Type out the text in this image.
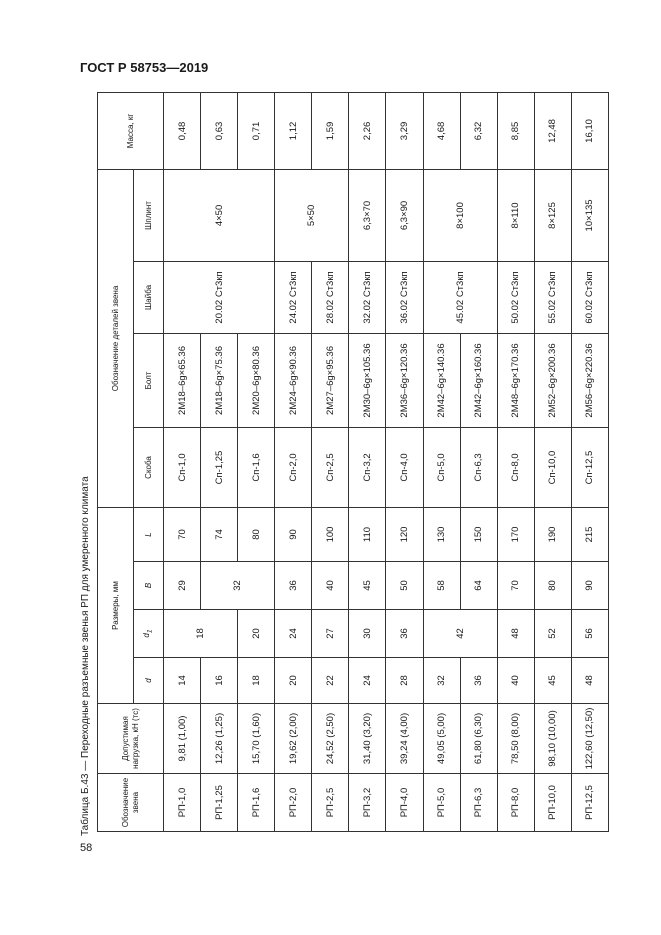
ГОСТ Р 58753—2019
Таблица Б.43 — Переходные разъемные звенья РП для умеренного климата
58
Обозначение звена	Допустимая нагрузка, кН (тс)	Размеры, мм				Обозначение деталей звена				Масса, кг
		d	$d_1$	B	L	Скоба	Болт	Шайба	Шплинт	
РП-1,0	9,81 (1,00)	14	18	29	70	Сп-1,0	2М18–6g×65.36	20.02 Ст3кп	4×50	0,48
РП-1,25	12,26 (1,25)	16		32	74	Сп-1,25	2М18–6g×75.36			0,63
РП-1,6	15,70 (1,60)	18	20		80	Сп-1,6	2М20–6g×80.36			0,71
РП-2,0	19,62 (2,00)	20	24	36	90	Сп-2,0	2М24–6g×90.36	24.02 Ст3кп	5×50	1,12
РП-2,5	24,52 (2,50)	22	27	40	100	Сп-2,5	2М27–6g×95.36	28.02 Ст3кп		1,59
РП-3,2	31,40 (3,20)	24	30	45	110	Сп-3,2	2М30–6g×105.36	32.02 Ст3кп	6,3×70	2,26
РП-4,0	39,24 (4,00)	28	36	50	120	Сп-4,0	2М36–6g×120.36	36.02 Ст3кп	6,3×90	3,29
РП-5,0	49,05 (5,00)	32	42	58	130	Сп-5,0	2М42–6g×140.36	45.02 Ст3кп	8×100	4,68
РП-6,3	61,80 (6,30)	36		64	150	Сп-6,3	2М42–6g×160.36			6,32
РП-8,0	78,50 (8,00)	40	48	70	170	Сп-8,0	2М48–6g×170.36	50.02 Ст3кп	8×110	8,85
РП-10,0	98,10 (10,00)	45	52	80	190	Сп-10,0	2М52–6g×200.36	55.02 Ст3кп	8×125	12,48
РП-12,5	122,60 (12,50)	48	56	90	215	Сп-12,5	2М56–6g×220.36	60.02 Ст3кп	10×135	16,10
